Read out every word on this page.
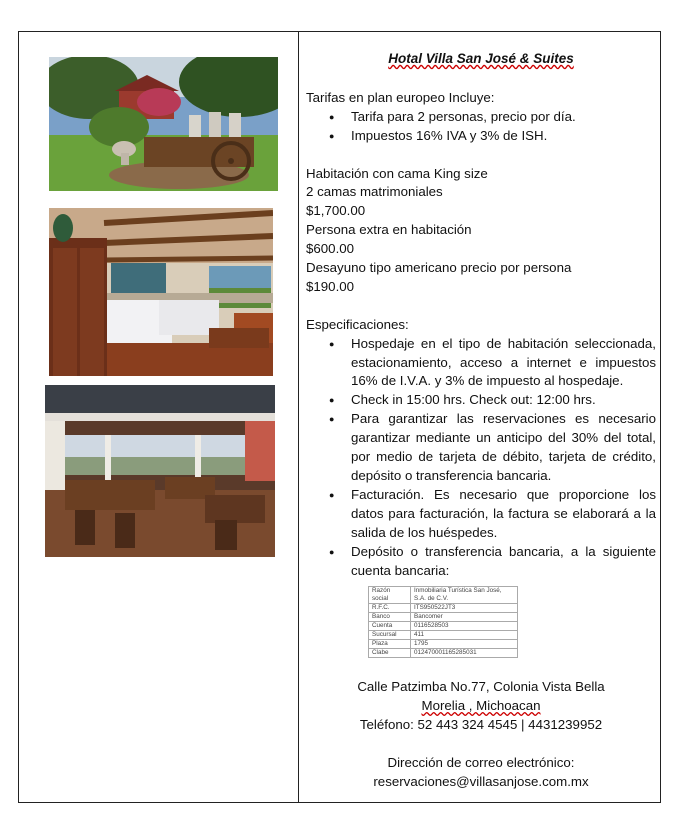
Hotal Villa San José & Suites

Tarifas en plan europeo Incluye:

● Tarifa para 2 personas, precio por día.
● Impuestos 16% IVA y 3% de ISH.

Habitación con cama King size

2 camas matrimoniales

$1,700.00

Persona extra en habitación

$600.00

Desayuno tipo americano precio por persona

$190.00

Especificaciones:

● Hospedaje en el tipo de habitación seleccionada, estacionamiento, acceso a internet e impuestos 16% de I.V.A. y 3% de impuesto al hospedaje.
● Check in 15:00 hrs. Check out: 12:00 hrs.
● Para garantizar las reservaciones es necesario garantizar mediante un anticipo del 30% del total, por medio de tarjeta de débito, tarjeta de crédito, depósito o transferencia bancaria.
● Facturación. Es necesario que proporcione los datos para facturación, la factura se elaborará a la salida de los huéspedes.
● Depósito o transferencia bancaria, a la siguiente cuenta bancaria:
Razón social	Inmobiliaria Turística San José, S.A. de C.V.
R.F.C.	ITS950522JT3
Banco	Bancomer
Cuenta	0116528503
Sucursal	411
Plaza	1795
Clabe	012470001165285031

Calle Patzimba No.77, Colonia Vista Bella

Morelia , Michoacan

Teléfono: 52 443 324 4545 | 4431239952

Dirección de correo electrónico:

reservaciones@villasanjose.com.mx
